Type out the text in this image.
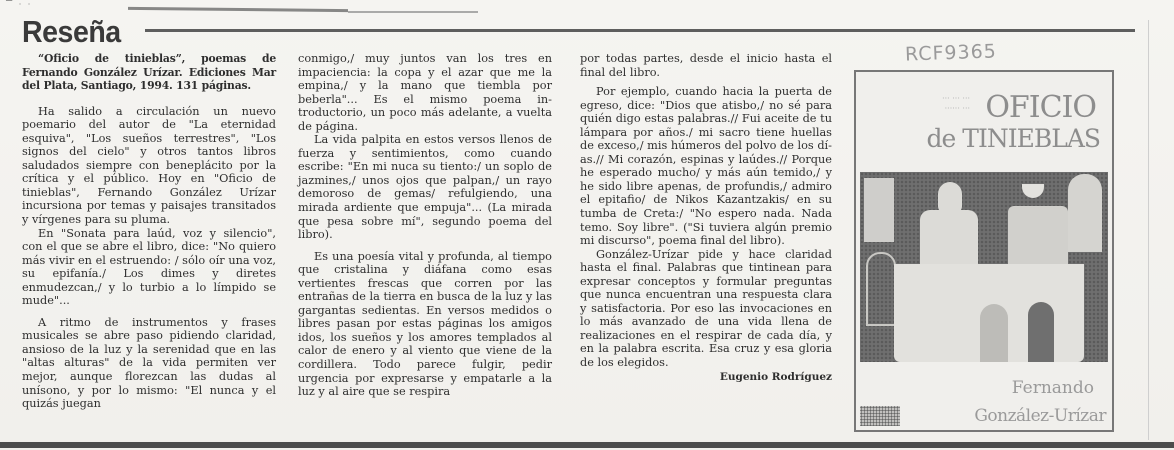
▔ · ·
Reseña

“Oficio de tinieblas”, poemas de Fernando González Urízar. Ediciones Mar del Plata, Santiago, 1994. 131 páginas.

Ha salido a circulación un nuevo poemario del autor de "La eternidad esquiva", "Los sueños terrestres", "Los signos del cielo" y otros tantos libros saludados siempre con beneplácito por la crítica y el público. Hoy en "Oficio de tinieblas", Fernando González Urízar incursiona por temas y paisajes transitados y vírgenes para su pluma.

En "Sonata para laúd, voz y silencio", con el que se abre el libro, dice: "No quiero más vivir en el estruendo: / sólo oír una voz, su epifanía./ Los dimes y diretes enmudezcan,/ y lo turbio a lo límpido se mude"...

A ritmo de instrumentos y frases musicales se abre paso pidiendo claridad, ansioso de la luz y la serenidad que en las "altas alturas" de la vida permiten ver mejor, aunque florezcan las dudas al unísono, y por lo mismo: "El nunca y el quizás juegan

conmigo,/ muy juntos van los tres en impaciencia: la copa y el azar que me la empina,/ y la mano que tiembla por beberla"... Es el mismo poema introductorio, un poco más adelante, a vuelta de página.

La vida palpita en estos versos llenos de fuerza y sentimientos, como cuando escribe: "En mi nuca su tiento:/ un soplo de jazmines,/ unos ojos que palpan,/ un rayo demoroso de gemas/ refulgiendo, una mirada ardiente que empuja"... (La mirada que pesa sobre mí", segundo poema del libro).

Es una poesía vital y profunda, al tiempo que cristalina y diáfana como esas vertientes frescas que corren por las entrañas de la tierra en busca de la luz y las gargantas sedientas. En versos medidos o libres pasan por estas páginas los amigos idos, los sueños y los amores templados al calor de enero y al viento que viene de la cordillera. Todo parece fulgir, pedir urgencia por expresarse y empatarle a la luz y al aire que se respira

por todas partes, desde el inicio hasta el final del libro.

Por ejemplo, cuando hacia la puerta de egreso, dice: "Dios que atisbo,/ no sé para quién digo estas palabras.// Fui aceite de tu lámpara por años./ mi sacro tiene huellas de exceso,/ mis húmeros del polvo de los días.// Mi corazón, espinas y laúdes.// Porque he esperado mucho/ y más aún temido,/ y he sido libre apenas, de profundis,/ admiro el epitafio/ de Nikos Kazantzakis/ en su tumba de Creta:/ "No espero nada. Nada temo. Soy libre". ("Si tuviera algún premio mi discurso", poema final del libro).

González-Urízar pide y hace claridad hasta el final. Palabras que tintinean para expresar conceptos y formular preguntas que nunca encuentran una respuesta clara y satisfactoria. Por eso las invocaciones en lo más avanzado de una vida llena de realizaciones en el respirar de cada día, y en la palabra escrita. Esa cruz y esa gloria de los elegidos.

Eugenio Rodríguez
RCF9365
··· ··· ···
··· ······ OFICIO
de TINIEBLAS
Fernando
González-Urízar
